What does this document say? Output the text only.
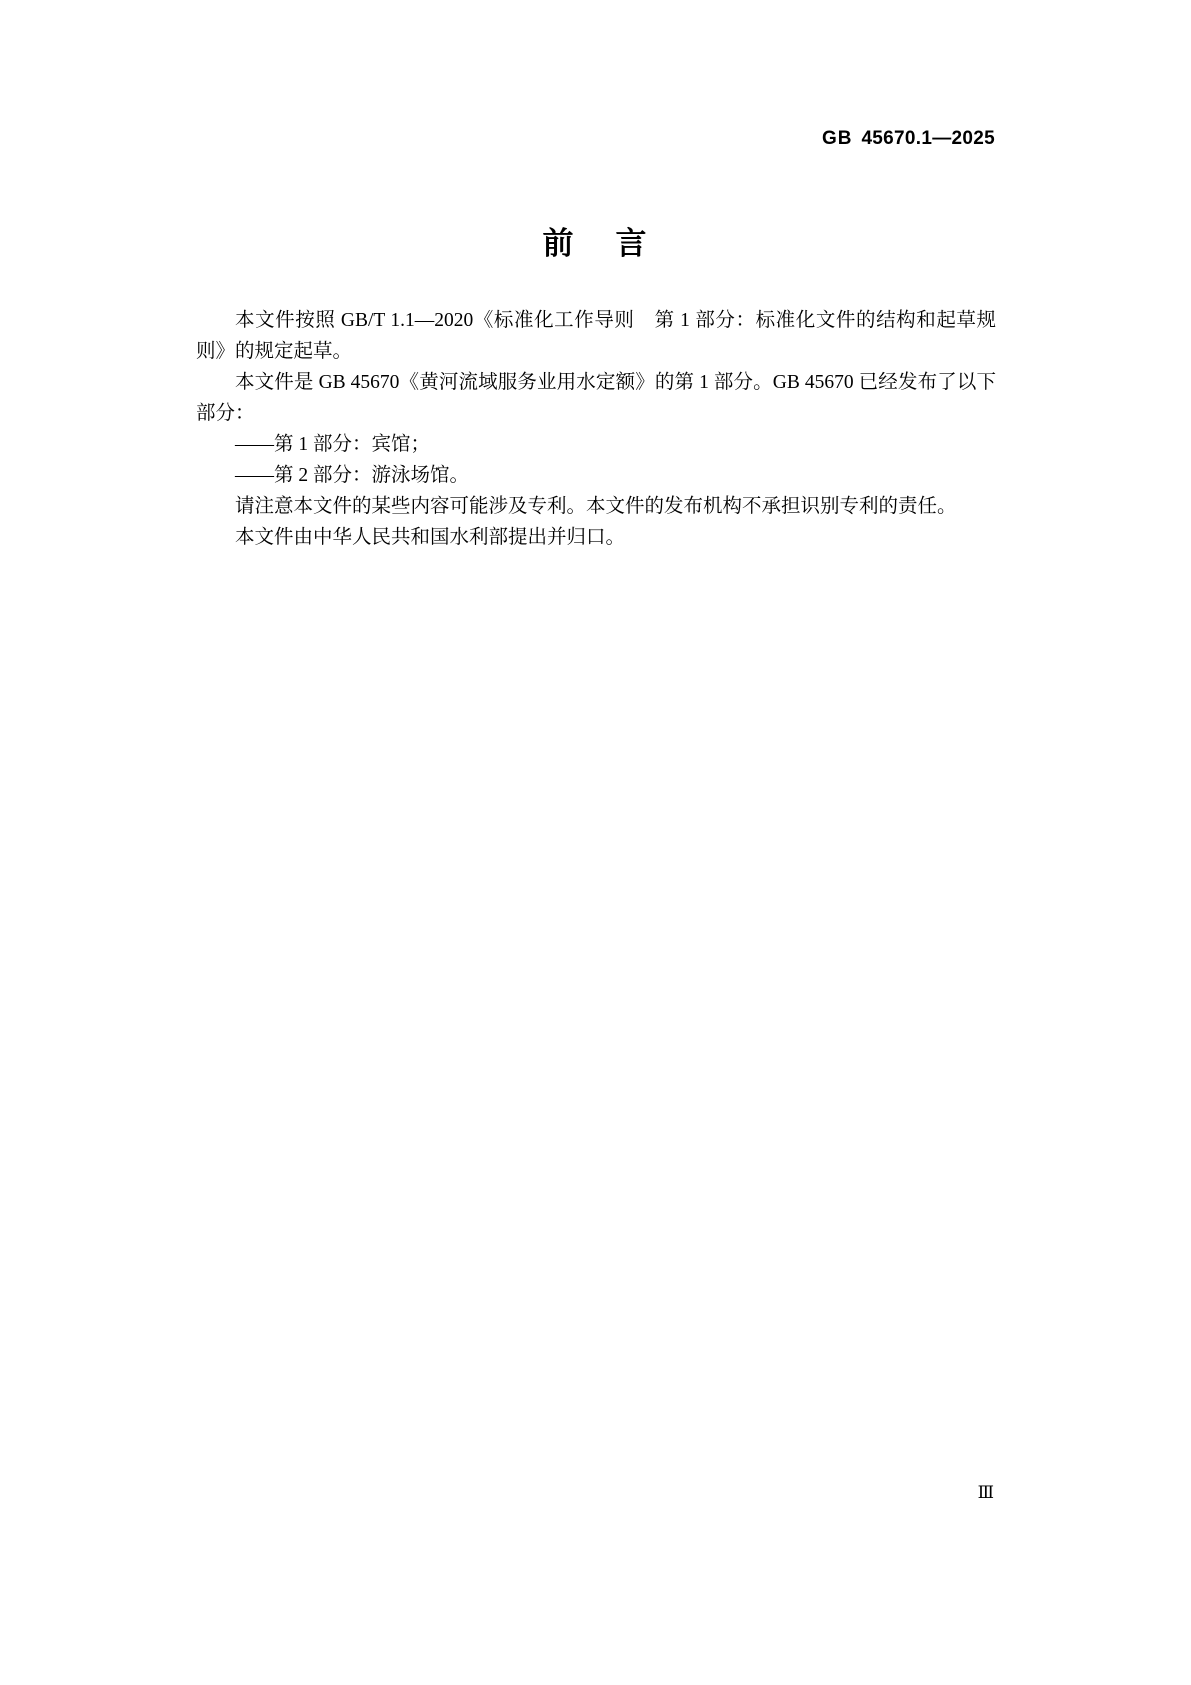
GB 45670.1—2025
前 言

本文件按照 GB/T 1.1—2020《标准化工作导则　第 1 部分：标准化文件的结构和起草规则》的规定起草。

本文件是 GB 45670《黄河流域服务业用水定额》的第 1 部分。GB 45670 已经发布了以下部分：

——第 1 部分：宾馆；

——第 2 部分：游泳场馆。

请注意本文件的某些内容可能涉及专利。本文件的发布机构不承担识别专利的责任。

本文件由中华人民共和国水利部提出并归口。

Ⅲ
